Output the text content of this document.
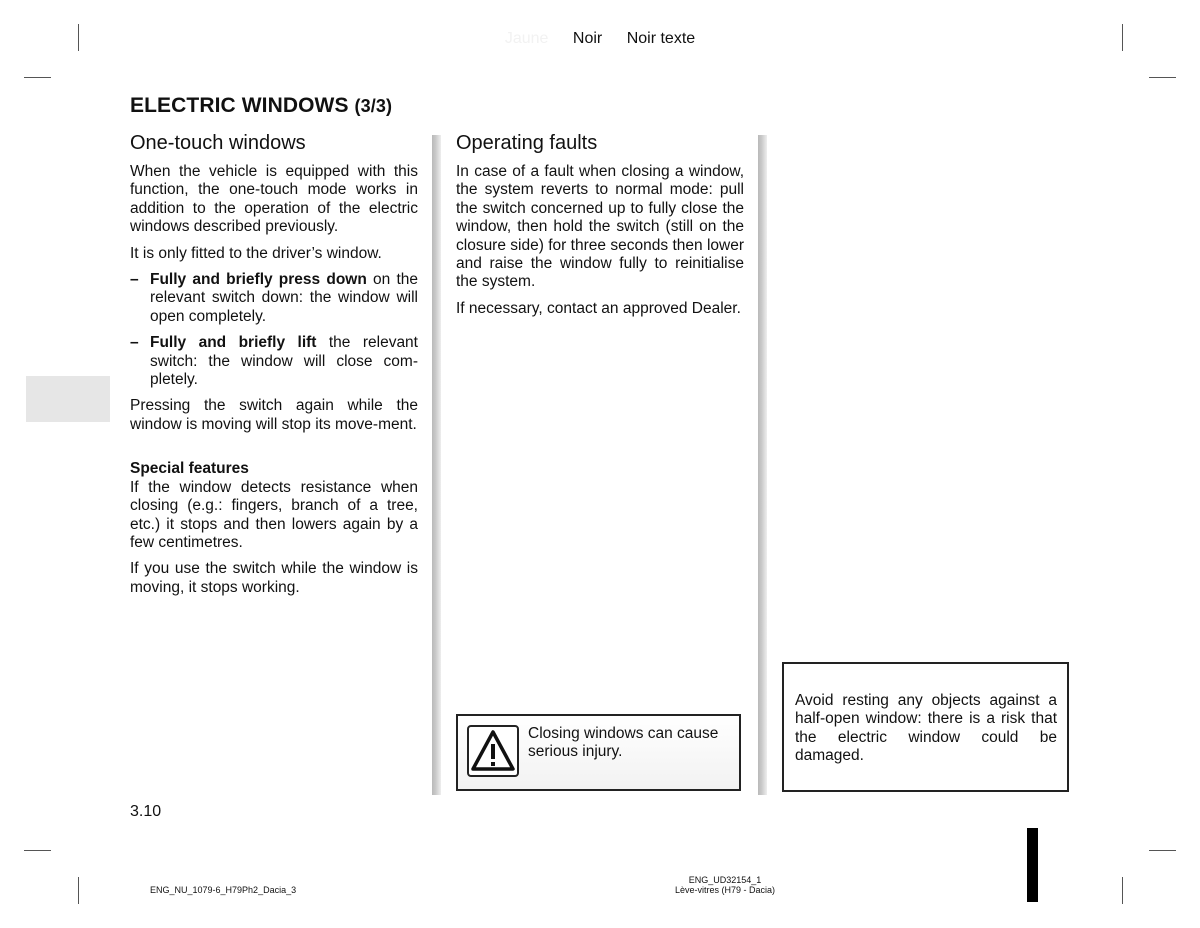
Jaune Noir Noir texte
ELECTRIC WINDOWS (3/3)
One-touch windows

When the vehicle is equipped with this function, the one-touch mode works in addition to the operation of the electric windows described previously.

It is only fitted to the driver’s window.

– Fully and briefly press down on the relevant switch down: the window will open completely.
– Fully and briefly lift the relevant switch: the window will close com-pletely.

Pressing the switch again while the window is moving will stop its move-ment.

Special features

If the window detects resistance when closing (e.g.: fingers, branch of a tree, etc.) it stops and then lowers again by a few centimetres.

If you use the switch while the window is moving, it stops working.

Operating faults

In case of a fault when closing a window, the system reverts to normal mode: pull the switch concerned up to fully close the window, then hold the switch (still on the closure side) for three seconds then lower and raise the window fully to reinitialise the system.

If necessary, contact an approved Dealer.

Closing windows can cause serious injury.
Avoid resting any objects against a half-open window: there is a risk that the electric window could be damaged.
3.10
ENG_NU_1079-6_H79Ph2_Dacia_3
ENG_UD32154_1
Lève-vitres (H79 - Dacia)
